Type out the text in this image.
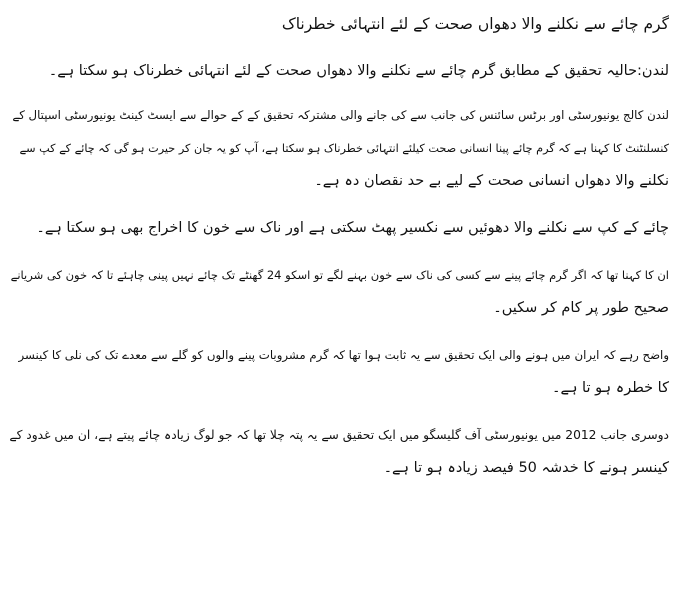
گرم چائے سے نکلنے والا دھواں صحت کے لئے انتہائی خطرناک

لندن:حالیہ تحقیق کے مطابق گرم چائے سے نکلنے والا دھواں صحت کے لئے انتہائی خطرناک ہو سکتا ہے۔

لندن کالج یونیورسٹی اور برٹس سائنس کی جانب سے کی جانے والی مشترکہ تحقیق کے کے حوالے سے ایسٹ کینٹ یونیورسٹی اسپتال کے
کنسلنٹنٹ کا کہنا ہے کہ گرم چائے پینا انسانی صحت کیلئے انتہائی خطرناک ہو سکتا ہے، آپ کو یہ جان کر حیرت ہو گی کہ چائے کے کپ سے
نکلنے والا دھواں انسانی صحت کے لیے بے حد نقصان دہ ہے۔

چائے کے کپ سے نکلنے والا دھوئیں سے نکسیر پھٹ سکتی ہے اور ناک سے خون کا اخراج بھی ہو سکتا ہے۔

ان کا کہنا تھا کہ اگر گرم چائے پینے سے کسی کی ناک سے خون بہنے لگے تو اسکو 24 گھنٹے تک چائے نہیں پینی چاہئے تا کہ خون کی شریانے
صحیح طور پر کام کر سکیں۔

واضح رہے کہ ایران میں ہونے والی ایک تحقیق سے یہ ثابت ہوا تھا کہ گرم مشروبات پینے والوں کو گلے سے معدے تک کی نلی کا کینسر
کا خطرہ ہو تا ہے۔

دوسری جانب 2012 میں یونیورسٹی آف گلیسگو میں ایک تحقیق سے یہ پتہ چلا تھا کہ جو لوگ زیادہ چائے پیتے ہے، ان میں غدود کے
کینسر ہونے کا خدشہ 50 فیصد زیادہ ہو تا ہے۔
